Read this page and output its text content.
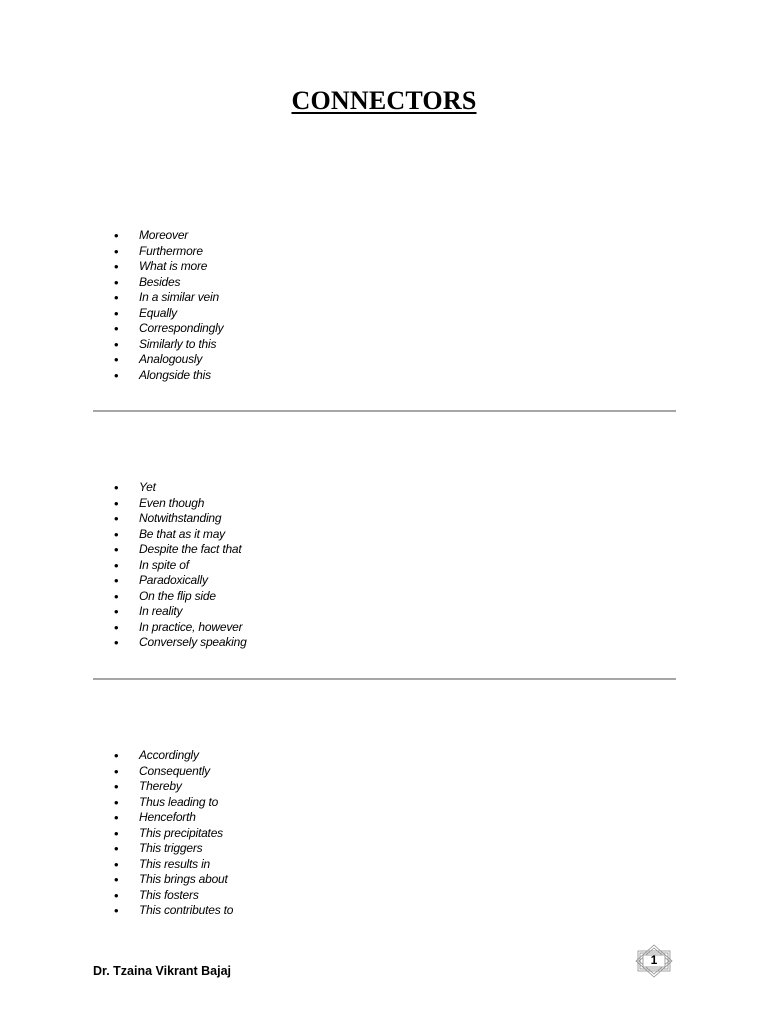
CONNECTORS
• Moreover
• Furthermore
• What is more
• Besides
• In a similar vein
• Equally
• Correspondingly
• Similarly to this
• Analogously
• Alongside this
• Yet
• Even though
• Notwithstanding
• Be that as it may
• Despite the fact that
• In spite of
• Paradoxically
• On the flip side
• In reality
• In practice, however
• Conversely speaking
• Accordingly
• Consequently
• Thereby
• Thus leading to
• Henceforth
• This precipitates
• This triggers
• This results in
• This brings about
• This fosters
• This contributes to
Dr. Tzaina Vikrant Bajaj
1
